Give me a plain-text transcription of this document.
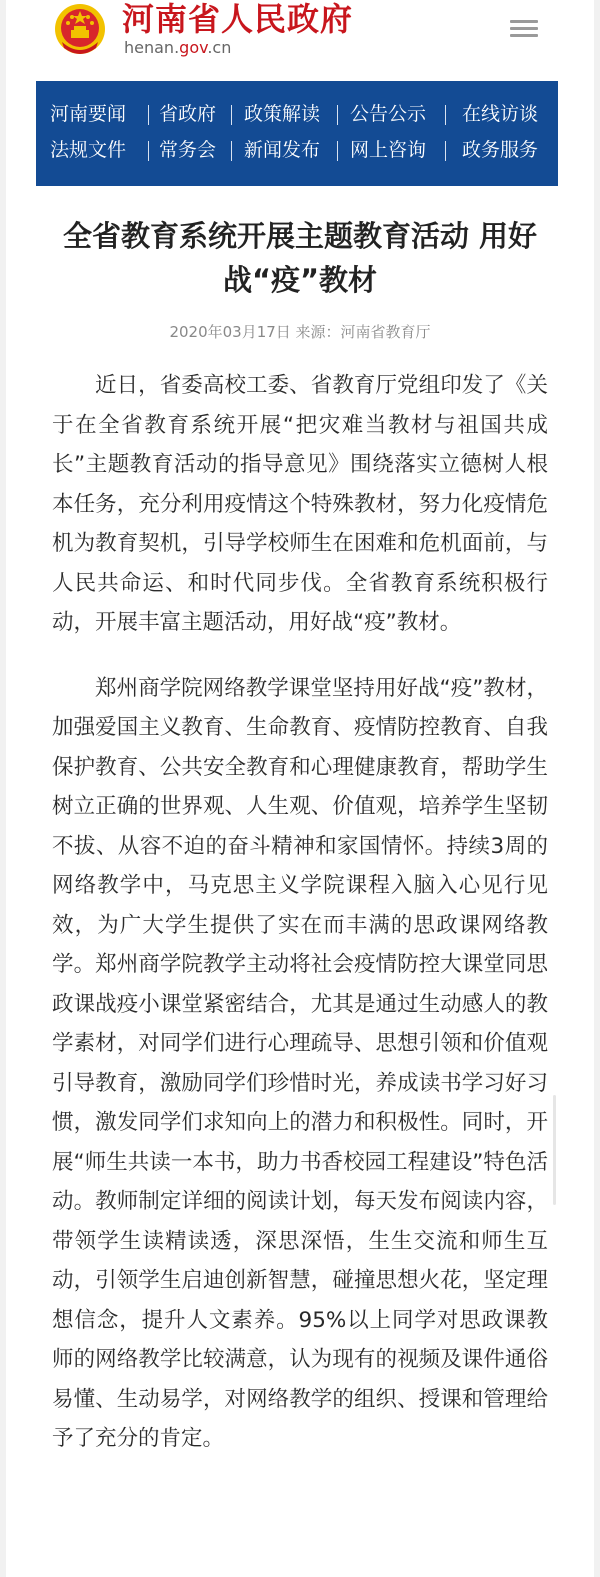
河南省人民政府
henan.gov.cn
河南要闻 省政府 政策解读 公告公示 在线访谈
法规文件 常务会 新闻发布 网上咨询 政务服务
全省教育系统开展主题教育活动 用好战“疫”教材
2020年03月17日 来源：河南省教育厅

近日，省委高校工委、省教育厅党组印发了《关于在全省教育系统开展“把灾难当教材与祖国共成长”主题教育活动的指导意见》围绕落实立德树人根本任务，充分利用疫情这个特殊教材，努力化疫情危机为教育契机，引导学校师生在困难和危机面前，与人民共命运、和时代同步伐。全省教育系统积极行动，开展丰富主题活动，用好战“疫”教材。

郑州商学院网络教学课堂坚持用好战“疫”教材，加强爱国主义教育、生命教育、疫情防控教育、自我保护教育、公共安全教育和心理健康教育，帮助学生树立正确的世界观、人生观、价值观，培养学生坚韧不拔、从容不迫的奋斗精神和家国情怀。持续3周的网络教学中，马克思主义学院课程入脑入心见行见效，为广大学生提供了实在而丰满的思政课网络教学。郑州商学院教学主动将社会疫情防控大课堂同思政课战疫小课堂紧密结合，尤其是通过生动感人的教学素材，对同学们进行心理疏导、思想引领和价值观引导教育，激励同学们珍惜时光，养成读书学习好习惯，激发同学们求知向上的潜力和积极性。同时，开展“师生共读一本书，助力书香校园工程建设”特色活动。教师制定详细的阅读计划，每天发布阅读内容，带领学生读精读透，深思深悟，生生交流和师生互动，引领学生启迪创新智慧，碰撞思想火花，坚定理想信念，提升人文素养。95%以上同学对思政课教师的网络教学比较满意，认为现有的视频及课件通俗易懂、生动易学，对网络教学的组织、授课和管理给予了充分的肯定。
